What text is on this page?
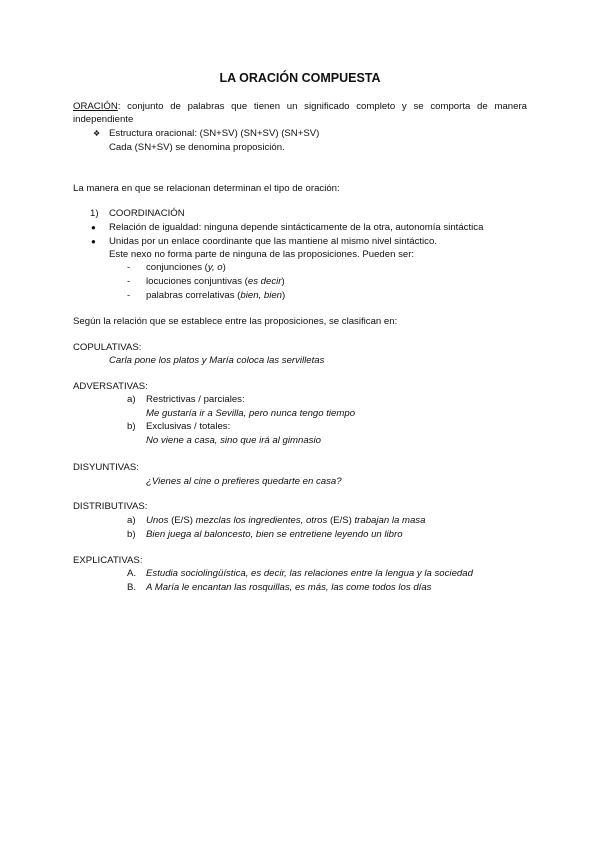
LA ORACIÓN COMPUESTA
ORACIÓN: conjunto de palabras que tienen un significado completo y se comporta de manera
independiente
❖ Estructura oracional: (SN+SV) (SN+SV) (SN+SV)
Cada (SN+SV) se denomina proposición.
La manera en que se relacionan determinan el tipo de oración:
1) COORDINACIÓN
● Relación de igualdad: ninguna depende sintácticamente de la otra, autonomía sintáctica
● Unidas por un enlace coordinante que las mantiene al mismo nivel sintáctico.
Este nexo no forma parte de ninguna de las proposiciones. Pueden ser:
- conjunciones (y, o)
- locuciones conjuntivas (es decir)
- palabras correlativas (bien, bien)
Según la relación que se establece entre las proposiciones, se clasifican en:
COPULATIVAS:
Carla pone los platos y María coloca las servilletas
ADVERSATIVAS:
a) Restrictivas / parciales:
Me gustaría ir a Sevilla, pero nunca tengo tiempo
b) Exclusivas / totales:
No viene a casa, sino que irá al gimnasio
DISYUNTIVAS:
¿Vienes al cine o prefieres quedarte en casa?
DISTRIBUTIVAS:
a) Unos (E/S) mezclas los ingredientes, otros (E/S) trabajan la masa
b) Bien juega al baloncesto, bien se entretiene leyendo un libro
EXPLICATIVAS:
A. Estudia sociolingüística, es decir, las relaciones entre la lengua y la sociedad
B. A María le encantan las rosquillas, es más, las come todos los días
